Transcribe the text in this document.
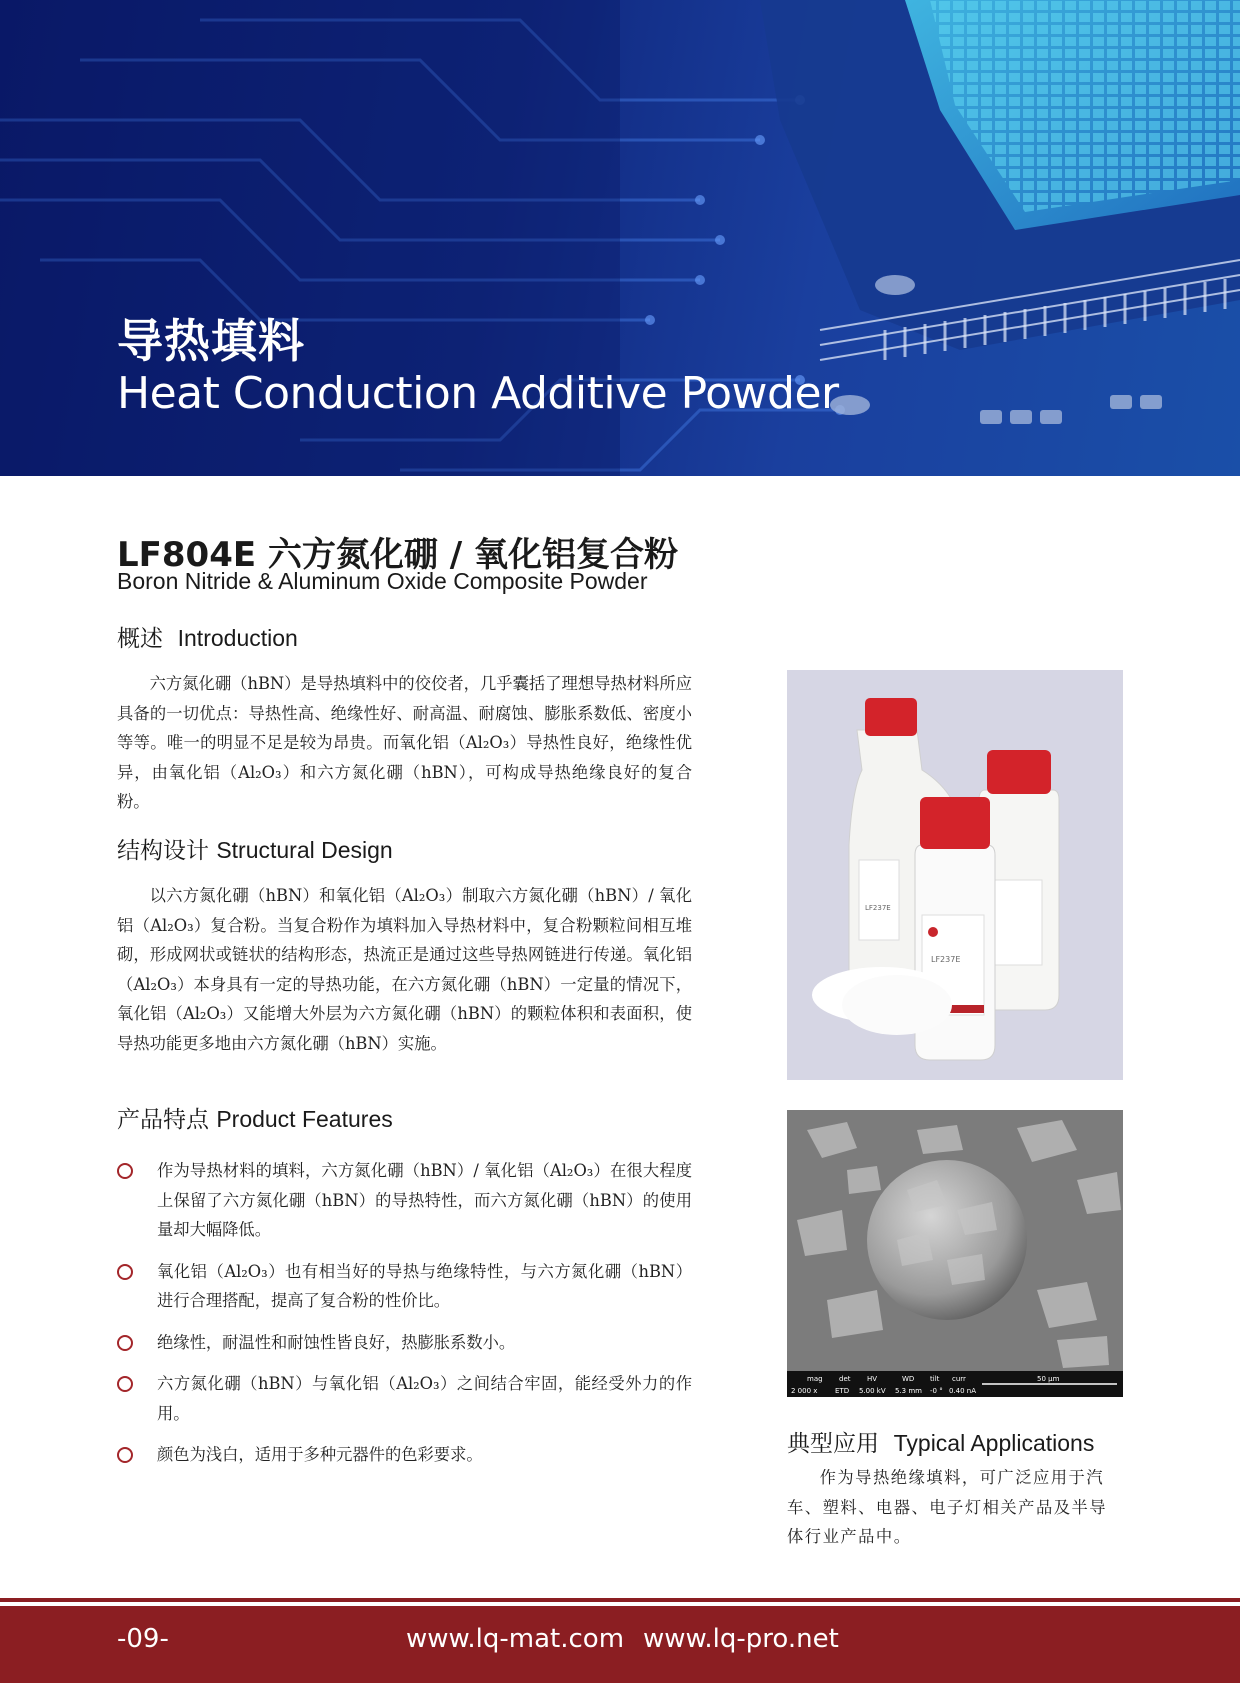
导热填料
Heat Conduction Additive Powder
LF804E 六方氮化硼 / 氧化铝复合粉
Boron Nitride & Aluminum Oxide Composite Powder
概述 Introduction

六方氮化硼（hBN）是导热填料中的佼佼者，几乎囊括了理想导热材料所应具备的一切优点：导热性高、绝缘性好、耐高温、耐腐蚀、膨胀系数低、密度小等等。唯一的明显不足是较为昂贵。而氧化铝（Al₂O₃）导热性良好，绝缘性优异，由氧化铝（Al₂O₃）和六方氮化硼（hBN），可构成导热绝缘良好的复合粉。

结构设计 Structural Design

以六方氮化硼（hBN）和氧化铝（Al₂O₃）制取六方氮化硼（hBN）/ 氧化铝（Al₂O₃）复合粉。当复合粉作为填料加入导热材料中，复合粉颗粒间相互堆砌，形成网状或链状的结构形态，热流正是通过这些导热网链进行传递。氧化铝（Al₂O₃）本身具有一定的导热功能，在六方氮化硼（hBN）一定量的情况下，氧化铝（Al₂O₃）又能增大外层为六方氮化硼（hBN）的颗粒体积和表面积，使导热功能更多地由六方氮化硼（hBN）实施。

产品特点 Product Features
作为导热材料的填料，六方氮化硼（hBN）/ 氧化铝（Al₂O₃）在很大程度上保留了六方氮化硼（hBN）的导热特性，而六方氮化硼（hBN）的使用量却大幅降低。
氧化铝（Al₂O₃）也有相当好的导热与绝缘特性，与六方氮化硼（hBN）进行合理搭配，提高了复合粉的性价比。
绝缘性，耐温性和耐蚀性皆良好，热膨胀系数小。
六方氮化硼（hBN）与氧化铝（Al₂O₃）之间结合牢固，能经受外力的作用。
颜色为浅白，适用于多种元器件的色彩要求。
LF237E
LF237E
mag det HV	WD tilt curr
2 000 x	ETD 5.00 kV 5.3 mm -0 ° 0.40 nA
50 μm
典型应用 Typical Applications

作为导热绝缘填料，可广泛应用于汽车、塑料、电器、电子灯相关产品及半导体行业产品中。

-09-	www.lq-mat.com www.lq-pro.net
